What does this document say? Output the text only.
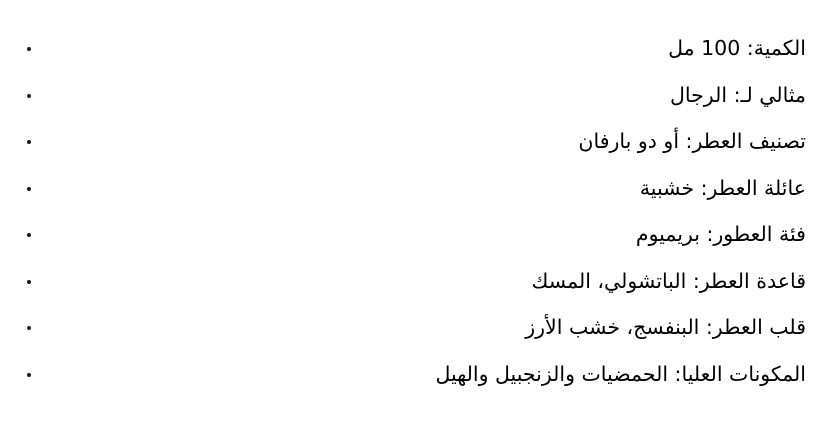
الكمية: 100 مل
مثالي لـ: الرجال
تصنيف العطر: أو دو بارفان
عائلة العطر: خشبية
فئة العطور: بريميوم
قاعدة العطر: الباتشولي، المسك
قلب العطر: البنفسج، خشب الأرز
المكونات العليا: الحمضيات والزنجبيل والهيل
